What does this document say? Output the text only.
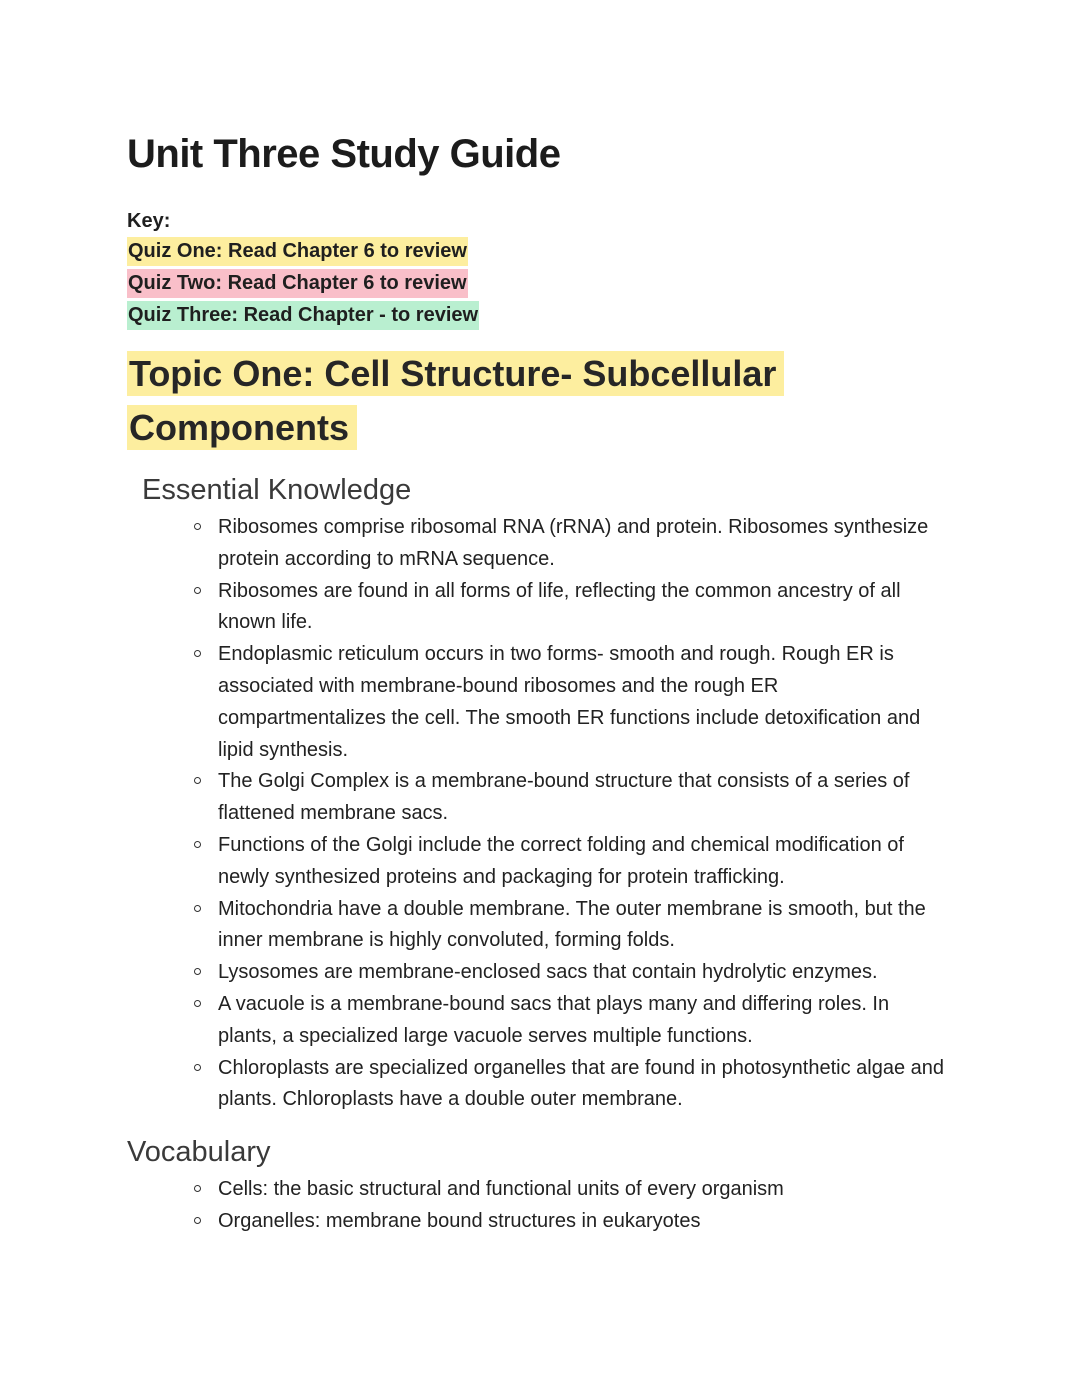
Unit Three Study Guide
Key:
Quiz One: Read Chapter 6 to review
Quiz Two: Read Chapter 6 to review
Quiz Three: Read Chapter - to review
Topic One: Cell Structure- Subcellular Components
Essential Knowledge
Ribosomes comprise ribosomal RNA (rRNA) and protein. Ribosomes synthesize protein according to mRNA sequence.
Ribosomes are found in all forms of life, reflecting the common ancestry of all known life.
Endoplasmic reticulum occurs in two forms- smooth and rough. Rough ER is associated with membrane-bound ribosomes and the rough ER compartmentalizes the cell. The smooth ER functions include detoxification and lipid synthesis.
The Golgi Complex is a membrane-bound structure that consists of a series of flattened membrane sacs.
Functions of the Golgi include the correct folding and chemical modification of newly synthesized proteins and packaging for protein trafficking.
Mitochondria have a double membrane. The outer membrane is smooth, but the inner membrane is highly convoluted, forming folds.
Lysosomes are membrane-enclosed sacs that contain hydrolytic enzymes.
A vacuole is a membrane-bound sacs that plays many and differing roles. In plants, a specialized large vacuole serves multiple functions.
Chloroplasts are specialized organelles that are found in photosynthetic algae and plants. Chloroplasts have a double outer membrane.
Vocabulary
Cells: the basic structural and functional units of every organism
Organelles: membrane bound structures in eukaryotes
